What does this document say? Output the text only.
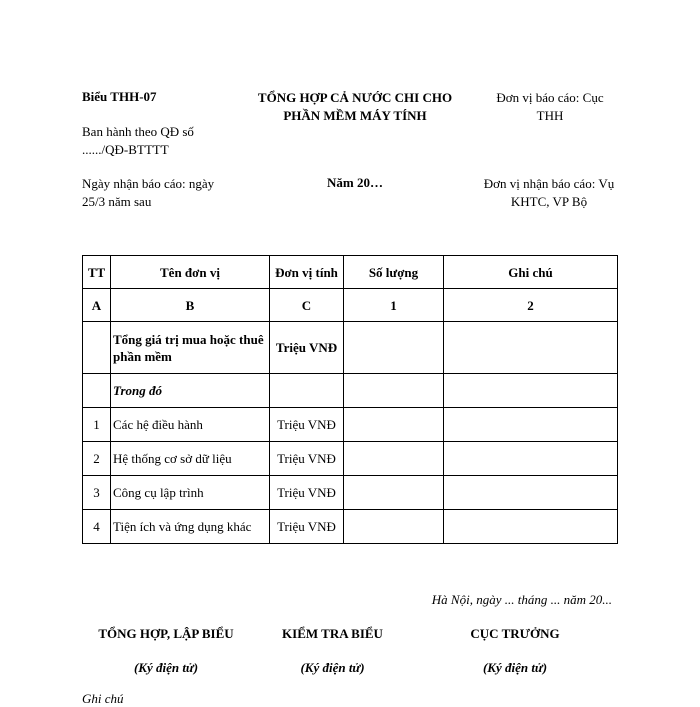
Biểu THH-07
Ban hành theo QĐ số
....../QĐ-BTTTT
Ngày nhận báo cáo: ngày
25/3 năm sau
TỔNG HỢP CẢ NƯỚC CHI CHO
PHẦN MỀM MÁY TÍNH
Năm 20…
Đơn vị báo cáo: Cục
THH
Đơn vị nhận báo cáo: Vụ
KHTC, VP Bộ
TT	Tên đơn vị	Đơn vị tính	Số lượng	Ghi chú
A	B	C	1	2
	Tổng giá trị mua hoặc thuê phần mềm	Triệu VNĐ		
	Trong đó			
1	Các hệ điều hành	Triệu VNĐ		
2	Hệ thống cơ sở dữ liệu	Triệu VNĐ		
3	Công cụ lập trình	Triệu VNĐ		
4	Tiện ích và ứng dụng khác	Triệu VNĐ		
Hà Nội, ngày ... tháng ... năm 20...
TỔNG HỢP, LẬP BIỂU	KIỂM TRA BIỂU	CỤC TRƯỞNG
(Ký điện tử)	(Ký điện tử)	(Ký điện tử)
Ghi chú
